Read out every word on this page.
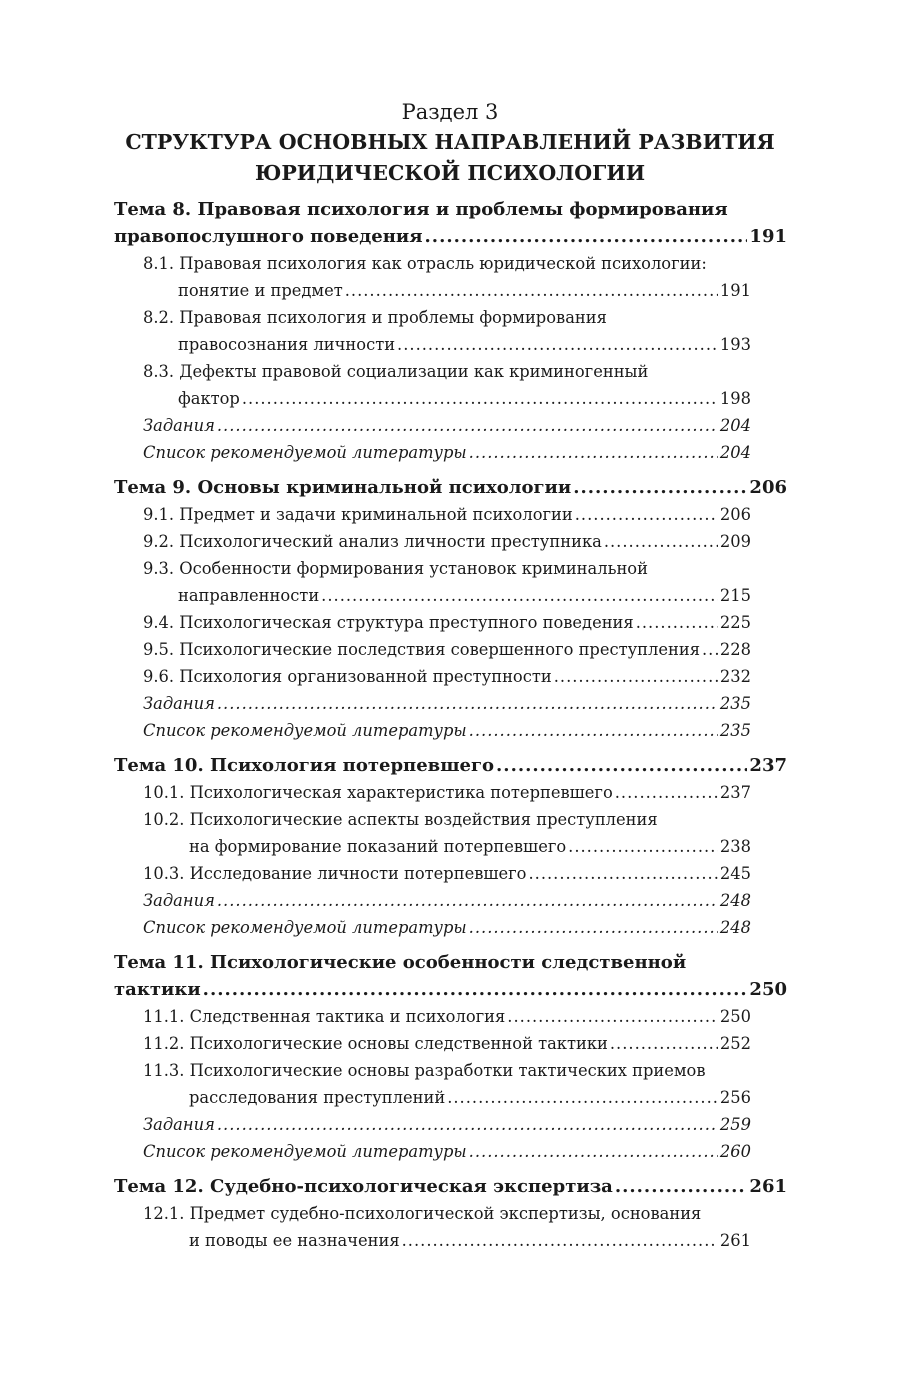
Раздел 3
СТРУКТУРА ОСНОВНЫХ НАПРАВЛЕНИЙ РАЗВИТИЯ
ЮРИДИЧЕСКОЙ ПСИХОЛОГИИ
Тема 8. Правовая психология и проблемы формирования
правопослушного поведения .....	191
8.1. Правовая психология как отрасль юридической психологии:
понятие и предмет .....	191
8.2. Правовая психология и проблемы формирования
правосознания личности .....	193
8.3. Дефекты правовой социализации как криминогенный
фактор .....	198
Задания .....	204
Список рекомендуемой литературы .....	204
Тема 9. Основы криминальной психологии .....	206
9.1. Предмет и задачи криминальной психологии .....	206
9.2. Психологический анализ личности преступника .....	209
9.3. Особенности формирования установок криминальной
направленности .....	215
9.4. Психологическая структура преступного поведения .....	225
9.5. Психологические последствия совершенного преступления ..... 228
9.6. Психология организованной преступности .....	232
Задания .....	235
Список рекомендуемой литературы .....	235
Тема 10. Психология потерпевшего .....	237
10.1. Психологическая характеристика потерпевшего .....	237
10.2. Психологические аспекты воздействия преступления
на формирование показаний потерпевшего .....	238
10.3. Исследование личности потерпевшего .....	245
Задания .....	248
Список рекомендуемой литературы .....	248
Тема 11. Психологические особенности следственной
тактики .....	250
11.1. Следственная тактика и психология .....	250
11.2. Психологические основы следственной тактики .....	252
11.3. Психологические основы разработки тактических приемов
расследования преступлений .....	256
Задания .....	259
Список рекомендуемой литературы .....	260
Тема 12. Судебно-психологическая экспертиза .....	261
12.1. Предмет судебно-психологической экспертизы, основания
и поводы ее назначения .....	261
